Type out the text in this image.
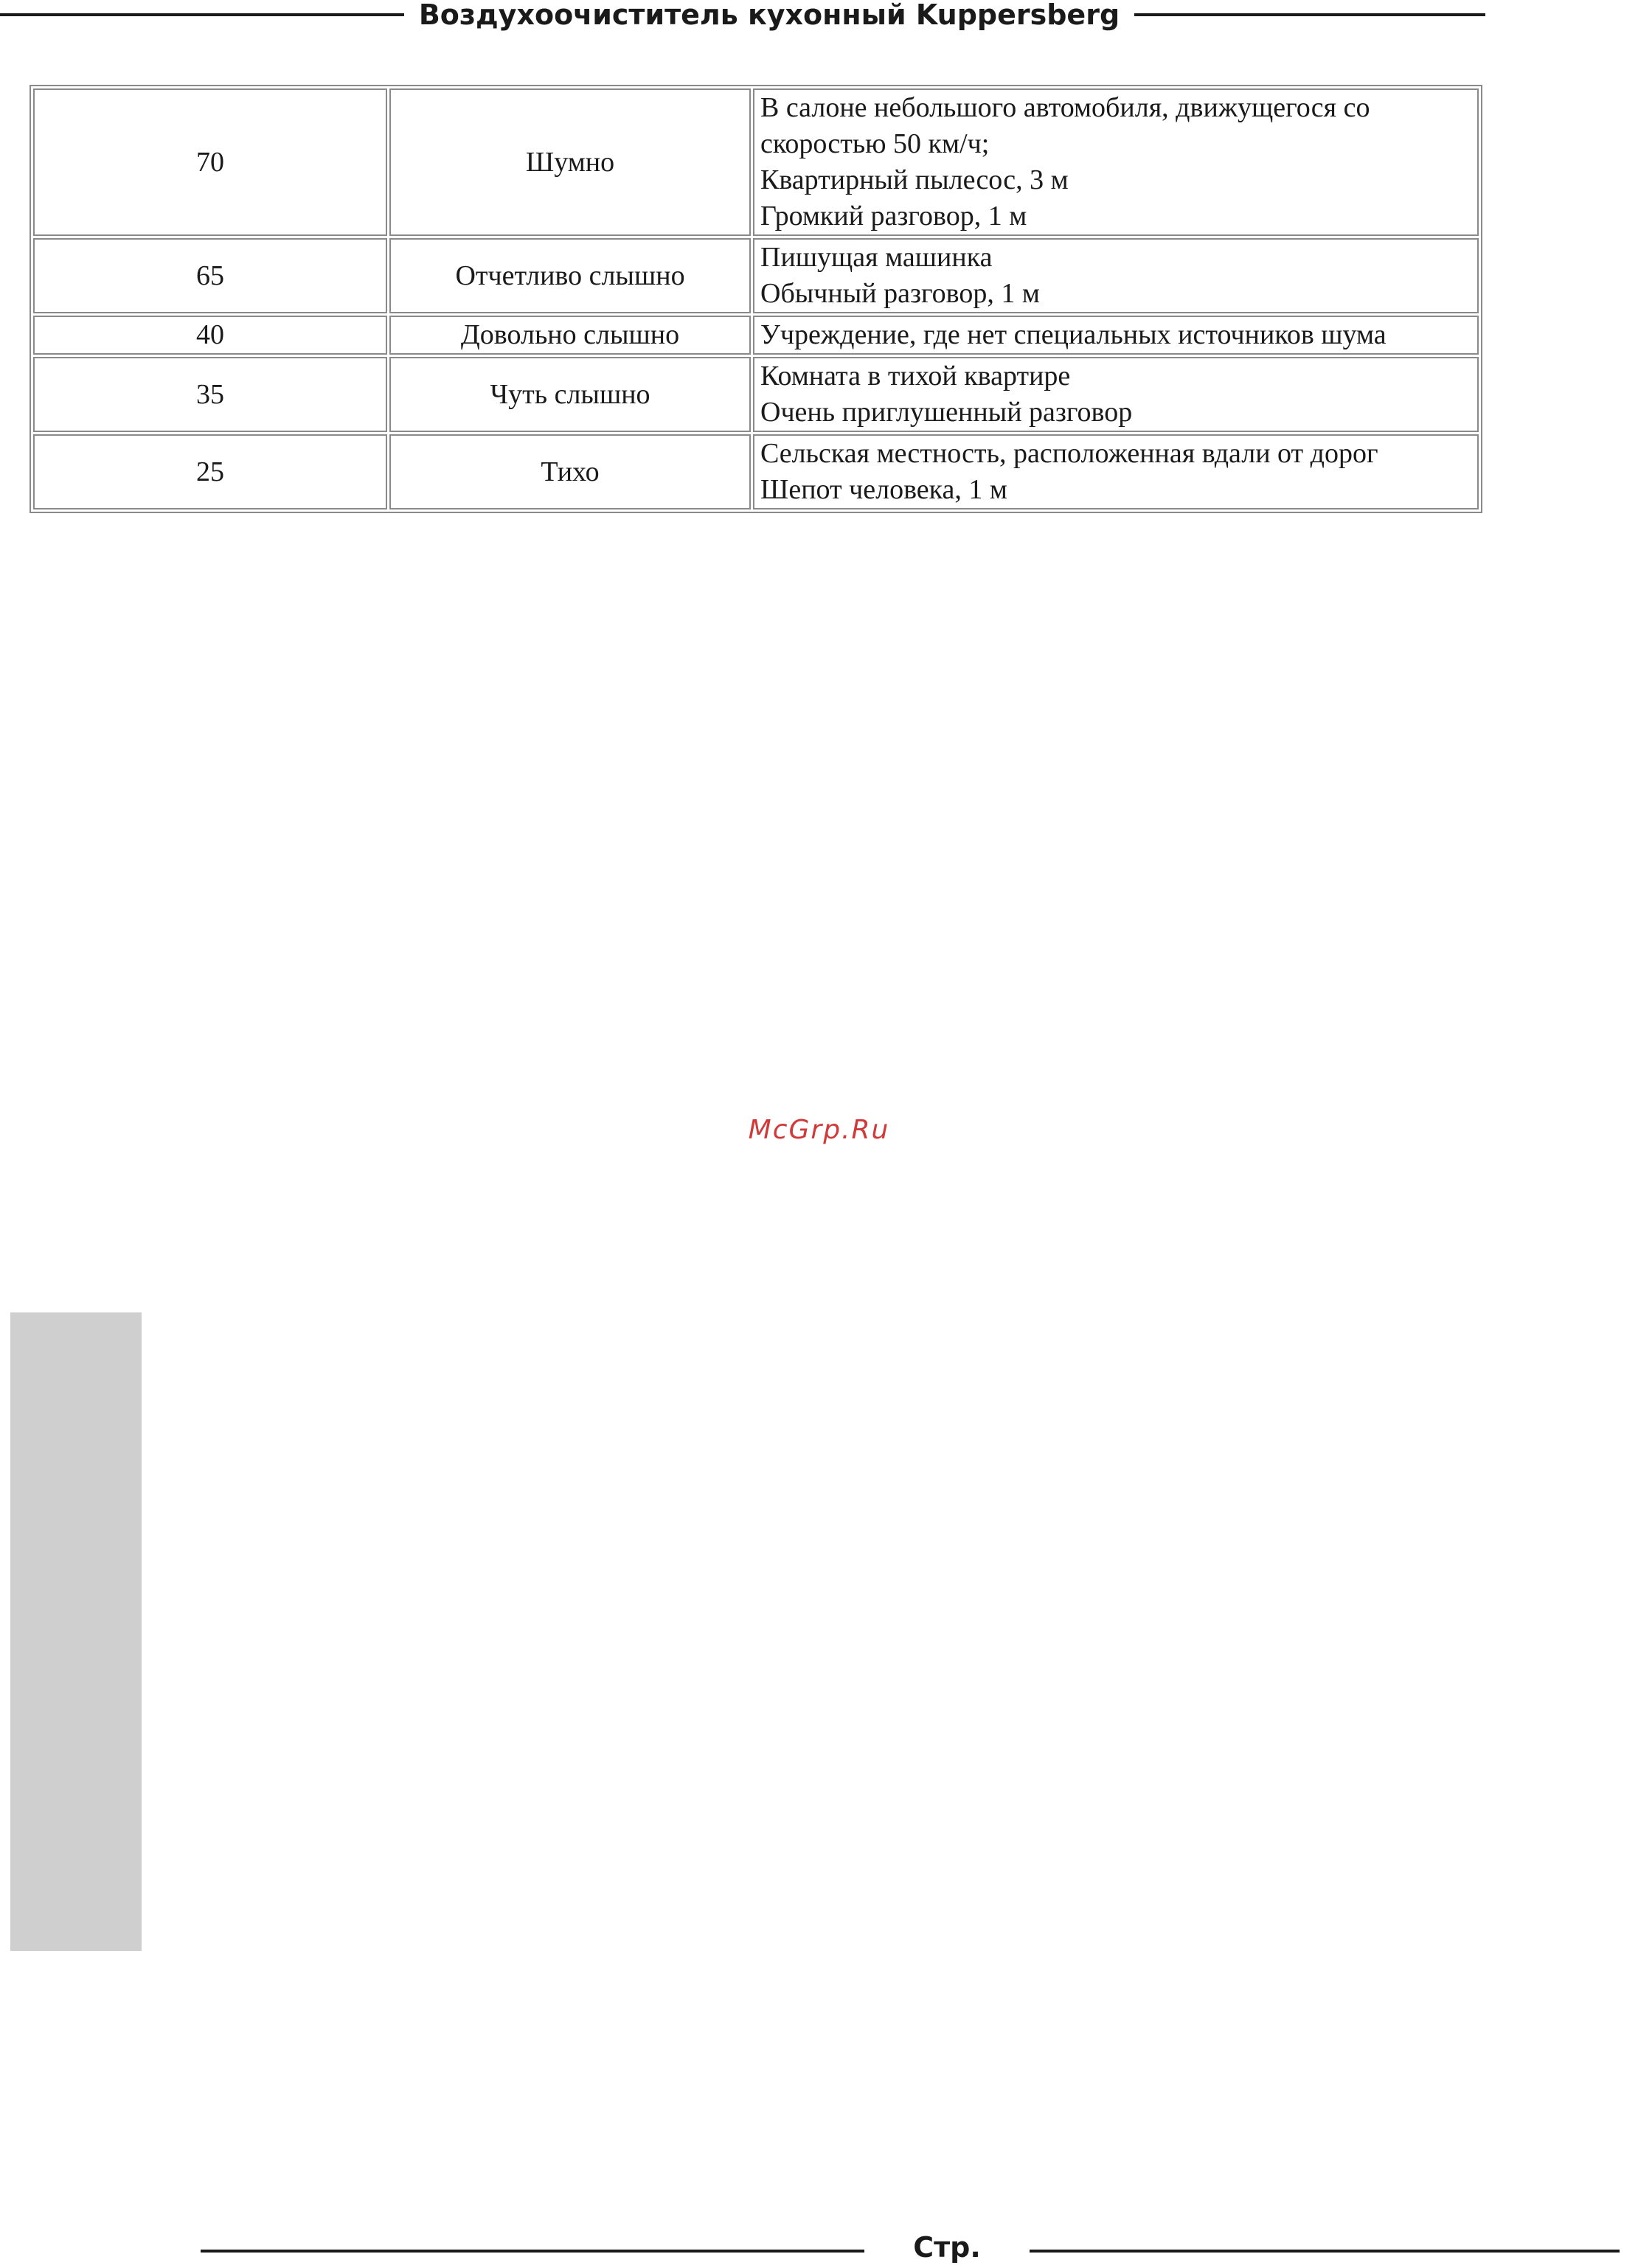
Воздухоочиститель кухонный Kuppersberg
70	Шумно	В салоне небольшого автомобиля, движущегося со скоростью 50 км/ч;
Квартирный пылесос, 3 м
Громкий разговор, 1 м

65	Отчетливо слышно	Пишущая машинка
Обычный разговор, 1 м

40	Довольно слышно	Учреждение, где нет специальных источников шума

35	Чуть слышно	Комната в тихой квартире
Очень приглушенный разговор

25	Тихо	Сельская местность, расположенная вдали от дорог
Шепот человека, 1 м
McGrp.Ru
Стр.
